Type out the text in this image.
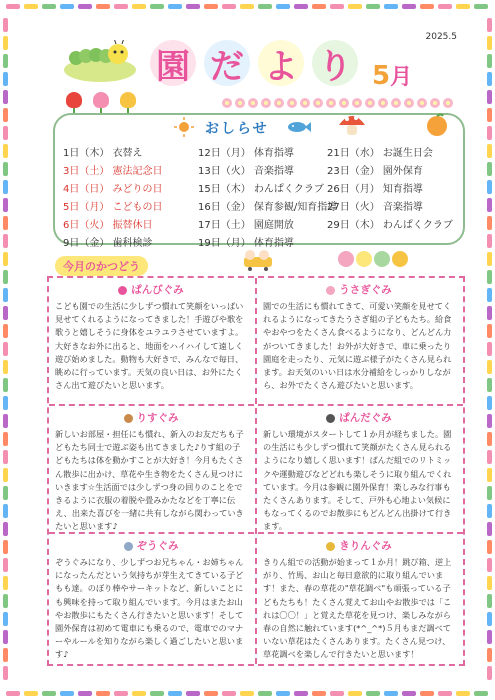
2025.5
園 だ よ り 5月

おしらせ
1日（木） 衣替え
3日（土） 憲法記念日
4日（日） みどりの日
5日（月） こどもの日
6日（火） 振替休日
9日（金） 歯科検診
12日（月） 体育指導
13日（火） 音楽指導
15日（木） わんぱくクラブ
16日（金） 保育参観/知育指導
17日（土） 園庭開放
19日（月） 体育指導
21日（水） お誕生日会
23日（金） 園外保育
26日（月） 知育指導
27日（火） 音楽指導
29日（木） わんぱくクラブ
今月のかつどう
ぱんびぐみ
こども園での生活に少しずつ慣れて笑顔をいっぱい見せてくれるようになってきました！手遊びや歌を歌うと嬉しそうに身体をユラユラさせていますよ。大好きなお外に出ると、地面をハイハイして遠しく遊び始めました。動物も大好きで、みんなで毎日、眺めに行っています。天気の良い日は、お外にたくさん出て遊びたいと思います。
うさぎぐみ
園での生活にも慣れてきて、可愛い笑顔を見せてくれるようになってきたうさぎ組の子どもたち。給食やおやつをたくさん食べるようになり、どんどん力がついてきました！お外が大好きで、車に乗ったり園庭を走ったり、元気に遊ぶ様子がたくさん見られます。お天気のいい日は水分補給をしっかりしながら、お外でたくさん遊びたいと思います。
りすぐみ
新しいお部屋・担任にも慣れ、新入のお友だちも子どもたち同士で遊ぶ姿も出てきました♪りす組の子どもたちは体を動かすことが大好き！今月もたくさん散歩に出かけ、草花や生き物をたくさん見つけにいきます☆生活面では少しずつ身の回りのことをできるように衣服の着脱や畳みかたなどを丁寧に伝え、出来た喜びを一緒に共有しながら関わっていきたいと思います♪
ぱんだぐみ
新しい環境がスタートして１か月が経ちました。園の生活にも少しずつ慣れて笑顔がたくさん見られるようになり嬉しく思います！ぱんだ組でのリトミックや運動遊びなどどれも楽しそうに取り組んでくれています。今月は参観に園外保育！楽しみな行事もたくさんあります。そして、戸外も心地よい気候にもなってくるのでお散歩にもどんどん出掛けて行きます。
ぞうぐみ
ぞうぐみになり、少しずつお兄ちゃん・お姉ちゃんになったんだという気持ちが芽生えてきている子どもも達。のぼり棒やサーキットなど、新しいことにも興味を持って取り組んでいます。今月はまたお山やお散歩にもたくさん行きたいと思います！そして園外保育は初めて電車にも乗るので、電車でのマナーやルールを知りながら楽しく過ごしたいと思います♪
きりんぐみ
きりん組での活動が始まって１か月！跳び箱、逆上がり、竹馬、お山と毎日意欲的に取り組んでいます！また、春の草花の"草花調べ"も頑張っている子どもたちも！たくさん覚えてお山やお散歩では「これは〇〇！」と覚えた草花を見つけ、楽しみながら春の自然に触れています(*^_^*)５月もまだ調べていない草花はたくさんあります。たくさん見つけ、草花調べを楽しんで行きたいと思います！
